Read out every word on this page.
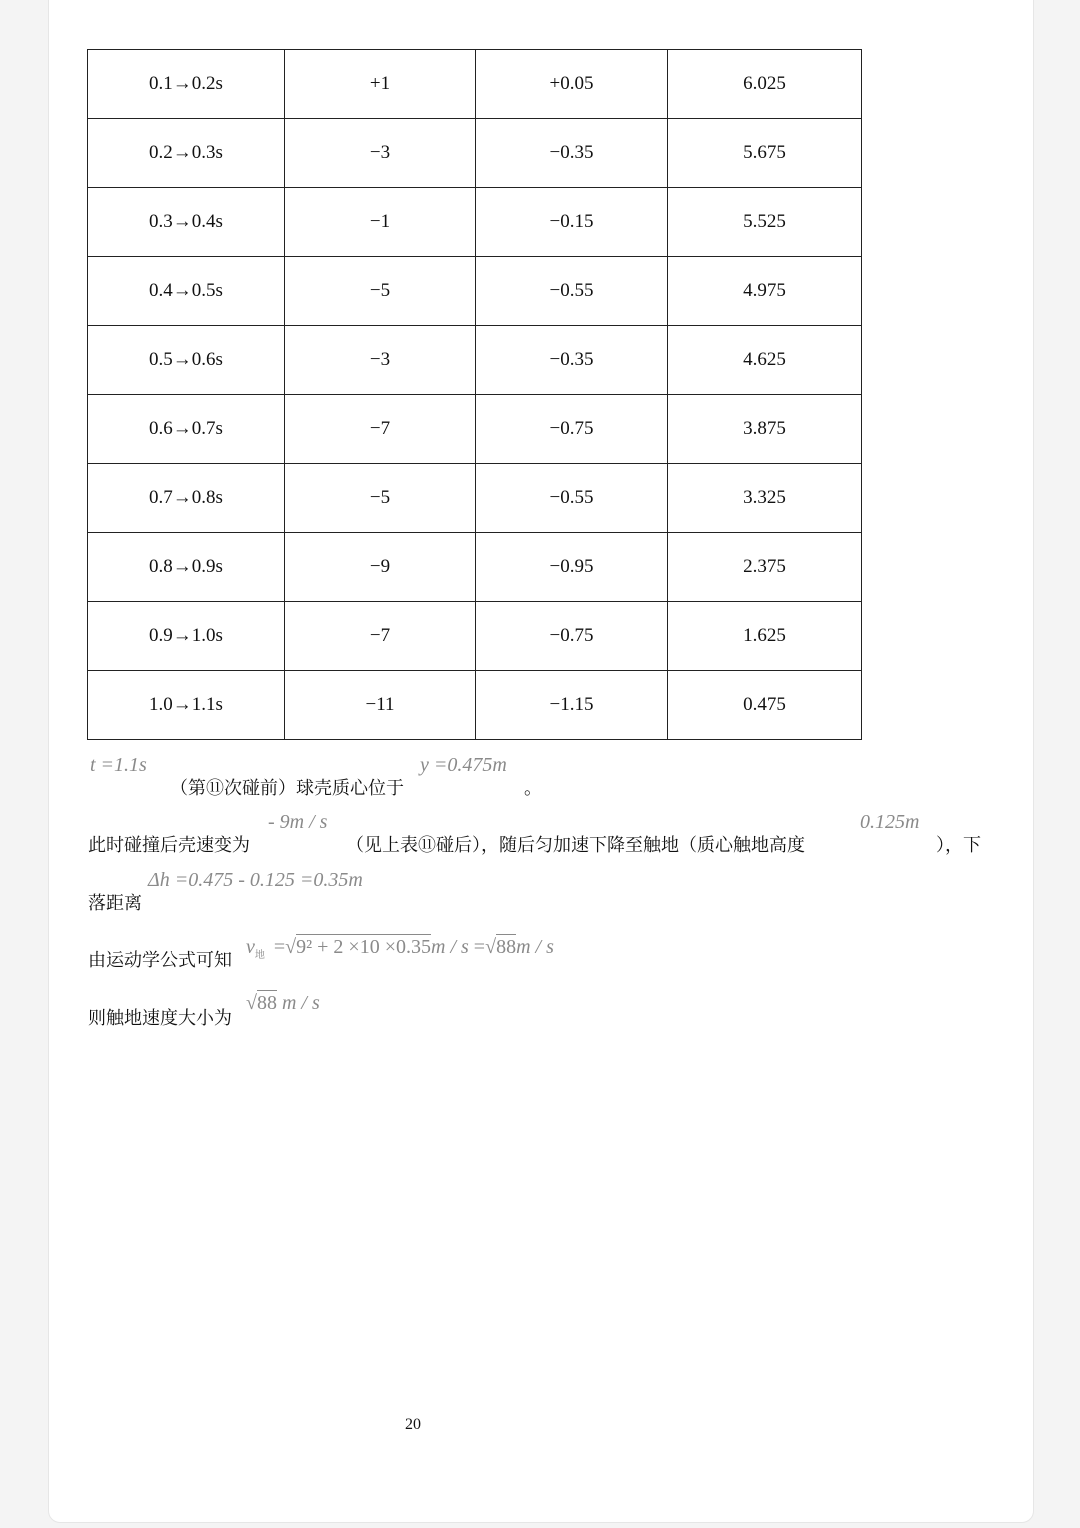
0.1→0.2s	+1	+0.05	6.025
0.2→0.3s	−3	−0.35	5.675
0.3→0.4s	−1	−0.15	5.525
0.4→0.5s	−5	−0.55	4.975
0.5→0.6s	−3	−0.35	4.625
0.6→0.7s	−7	−0.75	3.875
0.7→0.8s	−5	−0.55	3.325
0.8→0.9s	−9	−0.95	2.375
0.9→1.0s	−7	−0.75	1.625
1.0→1.1s	−11	−1.15	0.475
t =1.1s
（第⑪次碰前）球壳质心位于
y =0.475m
。
此时碰撞后壳速变为
- 9m / s
（见上表⑪碰后），随后匀加速下降至触地（质心触地高度
0.125m
），下
Δh =0.475 - 0.125 =0.35m
落距离
由运动学公式可知
$v_地 =√9^2 + 2 \times 10 \times 0.35m / s =√88m / s$
则触地速度大小为
√88 m / s
20
